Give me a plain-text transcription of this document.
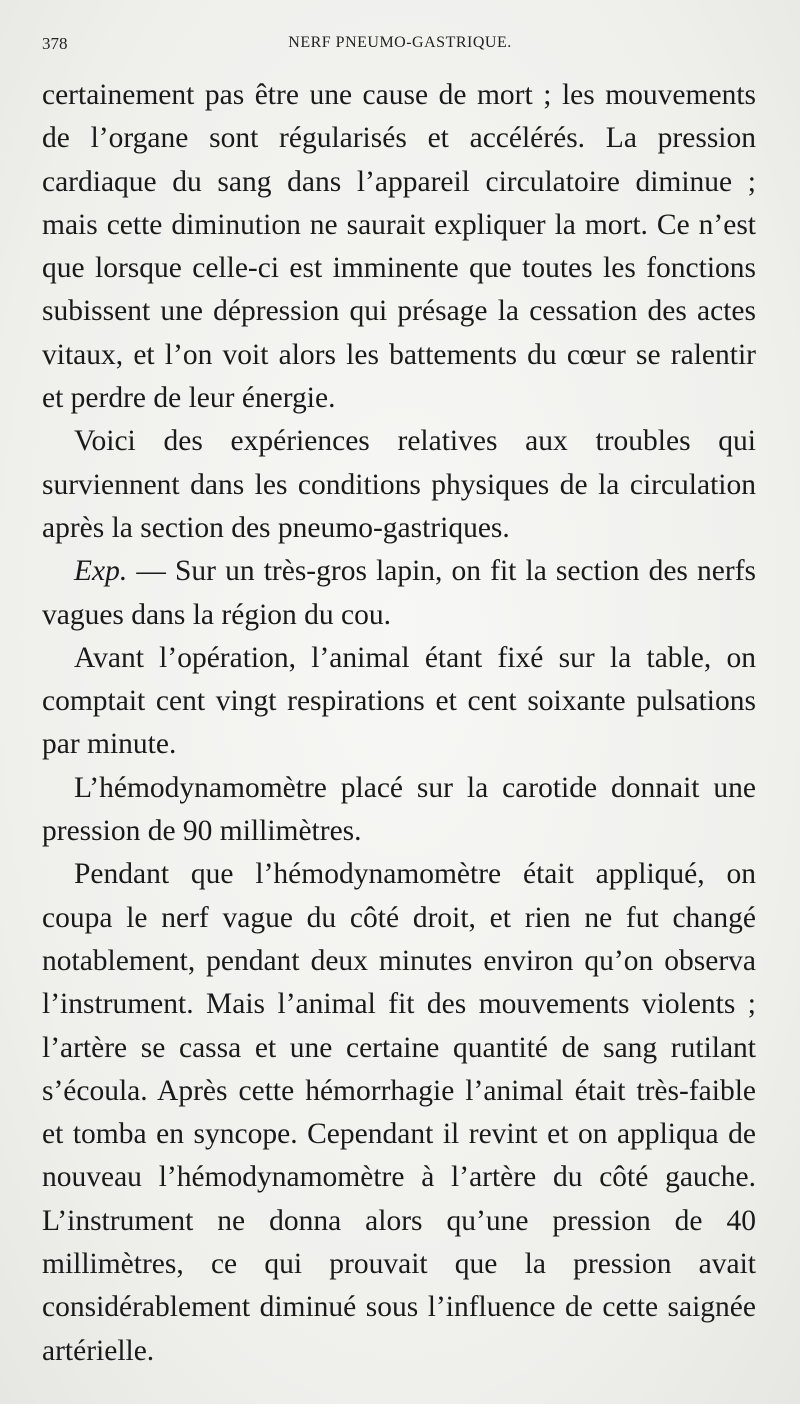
378	NERF PNEUMO-GASTRIQUE.

certainement pas être une cause de mort ; les mouvements de l’organe sont régularisés et accélérés. La pression cardiaque du sang dans l’appareil circulatoire diminue ; mais cette diminution ne saurait expliquer la mort. Ce n’est que lorsque celle-ci est imminente que toutes les fonctions subissent une dépression qui présage la cessation des actes vitaux, et l’on voit alors les battements du cœur se ralentir et perdre de leur énergie.

Voici des expériences relatives aux troubles qui surviennent dans les conditions physiques de la circulation après la section des pneumo-gastriques.

Exp. — Sur un très-gros lapin, on fit la section des nerfs vagues dans la région du cou.

Avant l’opération, l’animal étant fixé sur la table, on comptait cent vingt respirations et cent soixante pulsations par minute.

L’hémodynamomètre placé sur la carotide donnait une pression de 90 millimètres.

Pendant que l’hémodynamomètre était appliqué, on coupa le nerf vague du côté droit, et rien ne fut changé notablement, pendant deux minutes environ qu’on observa l’instrument. Mais l’animal fit des mouvements violents ; l’artère se cassa et une certaine quantité de sang rutilant s’écoula. Après cette hémorrhagie l’animal était très-faible et tomba en syncope. Cependant il revint et on appliqua de nouveau l’hémodynamomètre à l’artère du côté gauche. L’instrument ne donna alors qu’une pression de 40 millimètres, ce qui prouvait que la pression avait considérablement diminué sous l’influence de cette saignée artérielle.
